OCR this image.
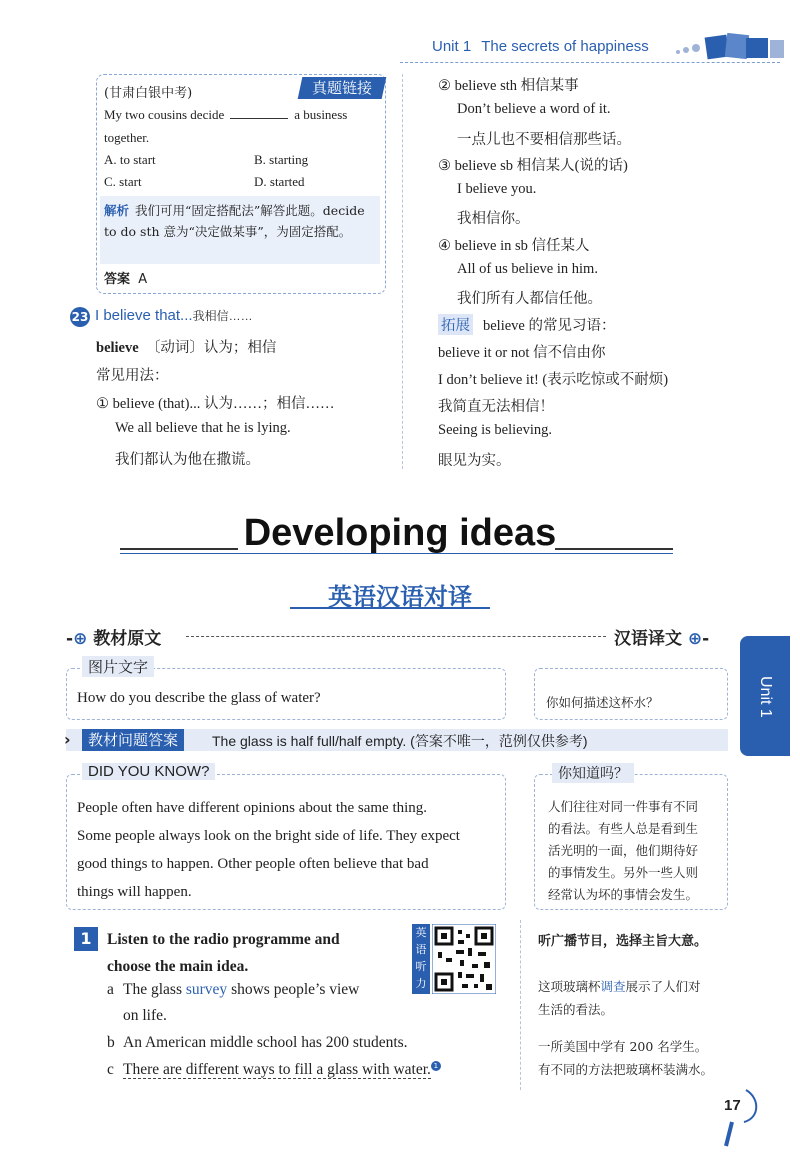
Unit 1 The secrets of happiness
(甘肃白银中考)	真题链接
My two cousins decide	a business
together.
A. to start	B. starting
C. start	D. started
解析 我们可用“固定搭配法”解答此题。decide to do sth 意为“决定做某事”，为固定搭配。
答案 A
23 I believe that...我相信……
believe 〔动词〕认为；相信
常见用法：
① believe (that)... 认为……；相信……
We all believe that he is lying.
我们都认为他在撒谎。
② believe sth 相信某事
Don’t believe a word of it.
一点儿也不要相信那些话。
③ believe sb 相信某人(说的话)
I believe you.
我相信你。
④ believe in sb 信任某人
All of us believe in him.
我们所有人都信任他。
拓展 believe 的常见习语：
believe it or not 信不信由你
I don’t believe it! (表示吃惊或不耐烦)
我简直无法相信！
Seeing is believing.
眼见为实。
Developing ideas
英语汉语对译
-⊕ 教材原文	汉语译文 ⊕-
Unit 1
图片文字
How do you describe the glass of water?	你如何描述这杯水？
›	教材问题答案	The glass is half full/half empty. (答案不唯一，范例仅供参考)
DID YOU KNOW?
People often have different opinions about the same thing.
Some people always look on the bright side of life. They expect
good things to happen. Other people often believe that bad
things will happen.
你知道吗？
人们往往对同一件事有不同
的看法。有些人总是看到生
活光明的一面，他们期待好
的事情发生。另外一些人则
经常认为坏的事情会发生。
1 Listen to the radio programme and choose the main idea.
英语听力
a The glass survey shows people’s view
on life.
b An American middle school has 200 students.
c There are different ways to fill a glass with water. 1
听广播节目，选择主旨大意。
这项玻璃杯调查展示了人们对
生活的看法。
一所美国中学有 200 名学生。
有不同的方法把玻璃杯装满水。
17
